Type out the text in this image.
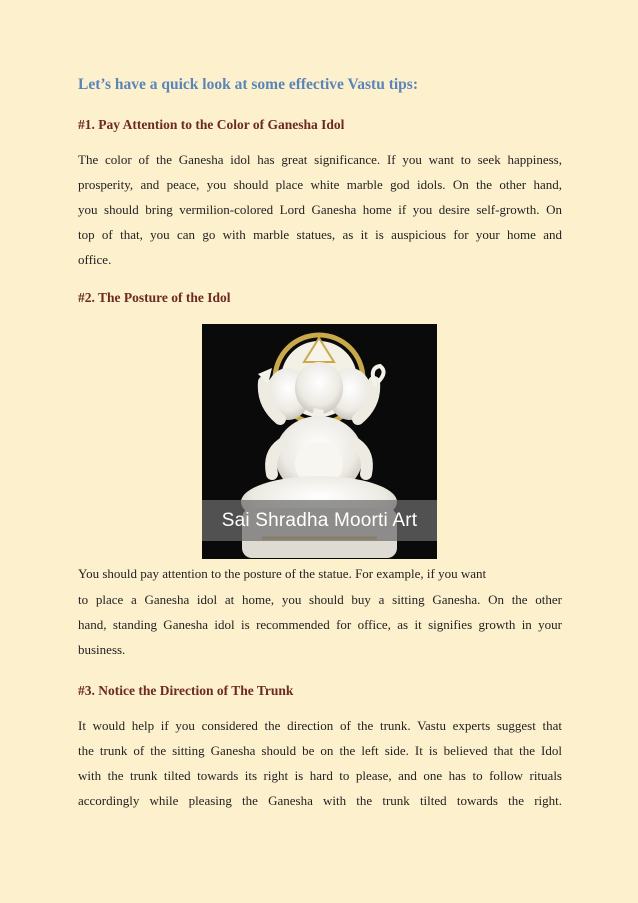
Let’s have a quick look at some effective Vastu tips:
#1. Pay Attention to the Color of Ganesha Idol

The color of the Ganesha idol has great significance. If you want to seek happiness,
prosperity, and peace, you should place white marble god idols. On the other hand,
you should bring vermilion-colored Lord Ganesha home if you desire self-growth. On
top of that, you can go with marble statues, as it is auspicious for your home and
office.

#2. The Posture of the Idol
Sai Shradha Moorti Art

You should pay attention to the posture of the statue. For example, if you want
to place a Ganesha idol at home, you should buy a sitting Ganesha. On the other
hand, standing Ganesha idol is recommended for office, as it signifies growth in your
business.

#3. Notice the Direction of The Trunk

It would help if you considered the direction of the trunk. Vastu experts suggest that
the trunk of the sitting Ganesha should be on the left side. It is believed that the Idol
with the trunk tilted towards its right is hard to please, and one has to follow rituals
accordingly while pleasing the Ganesha with the trunk tilted towards the right.
